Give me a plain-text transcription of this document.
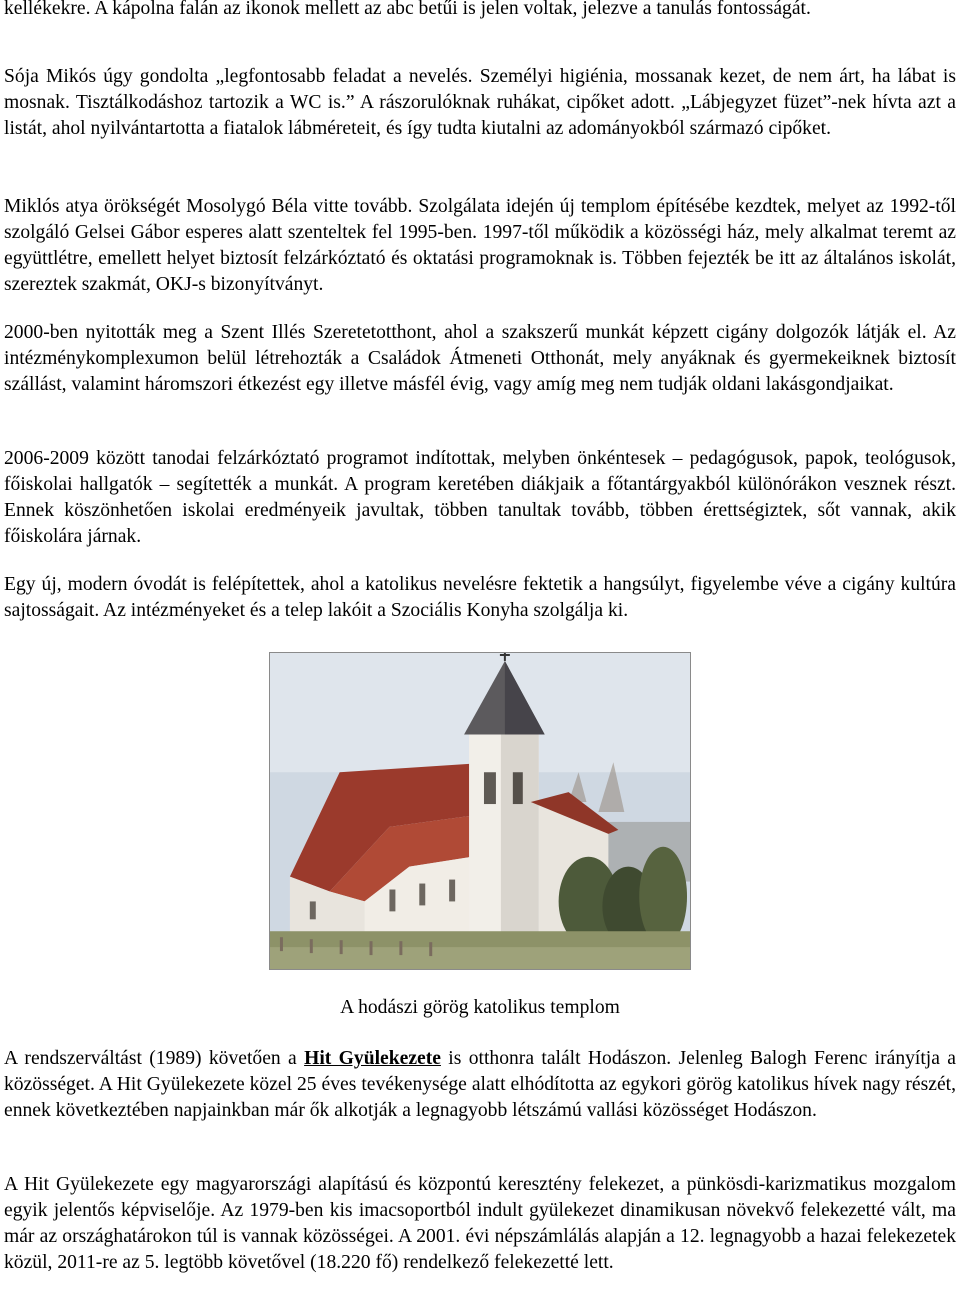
kellékekre. A kápolna falán az ikonok mellett az abc betűi is jelen voltak, jelezve a tanulás fontosságát.

Sója Mikós úgy gondolta „legfontosabb feladat a nevelés. Személyi higiénia, mossanak kezet, de nem árt, ha lábat is mosnak. Tisztálkodáshoz tartozik a WC is.” A rászorulóknak ruhákat, cipőket adott. „Lábjegyzet füzet”-nek hívta azt a listát, ahol nyilvántartotta a fiatalok lábméreteit, és így tudta kiutalni az adományokból származó cipőket.

Miklós atya örökségét Mosolygó Béla vitte tovább. Szolgálata idején új templom építésébe kezdtek, melyet az 1992-től szolgáló Gelsei Gábor esperes alatt szenteltek fel 1995-ben. 1997-től működik a közösségi ház, mely alkalmat teremt az együttlétre, emellett helyet biztosít felzárkóztató és oktatási programoknak is. Többen fejezték be itt az általános iskolát, szereztek szakmát, OKJ-s bizonyítványt.

2000-ben nyitották meg a Szent Illés Szeretetotthont, ahol a szakszerű munkát képzett cigány dolgozók látják el. Az intézménykomplexumon belül létrehozták a Családok Átmeneti Otthonát, mely anyáknak és gyermekeiknek biztosít szállást, valamint háromszori étkezést egy illetve másfél évig, vagy amíg meg nem tudják oldani lakásgondjaikat.

2006-2009 között tanodai felzárkóztató programot indítottak, melyben önkéntesek – pedagógusok, papok, teológusok, főiskolai hallgatók – segítették a munkát. A program keretében diákjaik a főtantárgyakból különórákon vesznek részt. Ennek köszönhetően iskolai eredményeik javultak, többen tanultak tovább, többen érettségiztek, sőt vannak, akik főiskolára járnak.

Egy új, modern óvodát is felépítettek, ahol a katolikus nevelésre fektetik a hangsúlyt, figyelembe véve a cigány kultúra sajtosságait. Az intézményeket és a telep lakóit a Szociális Konyha szolgálja ki.

A hodászi görög katolikus templom

A rendszerváltást (1989) követően a Hit Gyülekezete is otthonra talált Hodászon. Jelenleg Balogh Ferenc irányítja a közösséget. A Hit Gyülekezete közel 25 éves tevékenysége alatt elhódította az egykori görög katolikus hívek nagy részét, ennek következtében napjainkban már ők alkotják a legnagyobb létszámú vallási közösséget Hodászon.

A Hit Gyülekezete egy magyarországi alapítású és központú keresztény felekezet, a pünkösdi-karizmatikus mozgalom egyik jelentős képviselője. Az 1979-ben kis imacsoportból indult gyülekezet dinamikusan növekvő felekezetté vált, ma már az országhatárokon túl is vannak közösségei. A 2001. évi népszámlálás alapján a 12. legnagyobb a hazai felekezetek közül, 2011-re az 5. legtöbb követővel (18.220 fő) rendelkező felekezetté lett.
